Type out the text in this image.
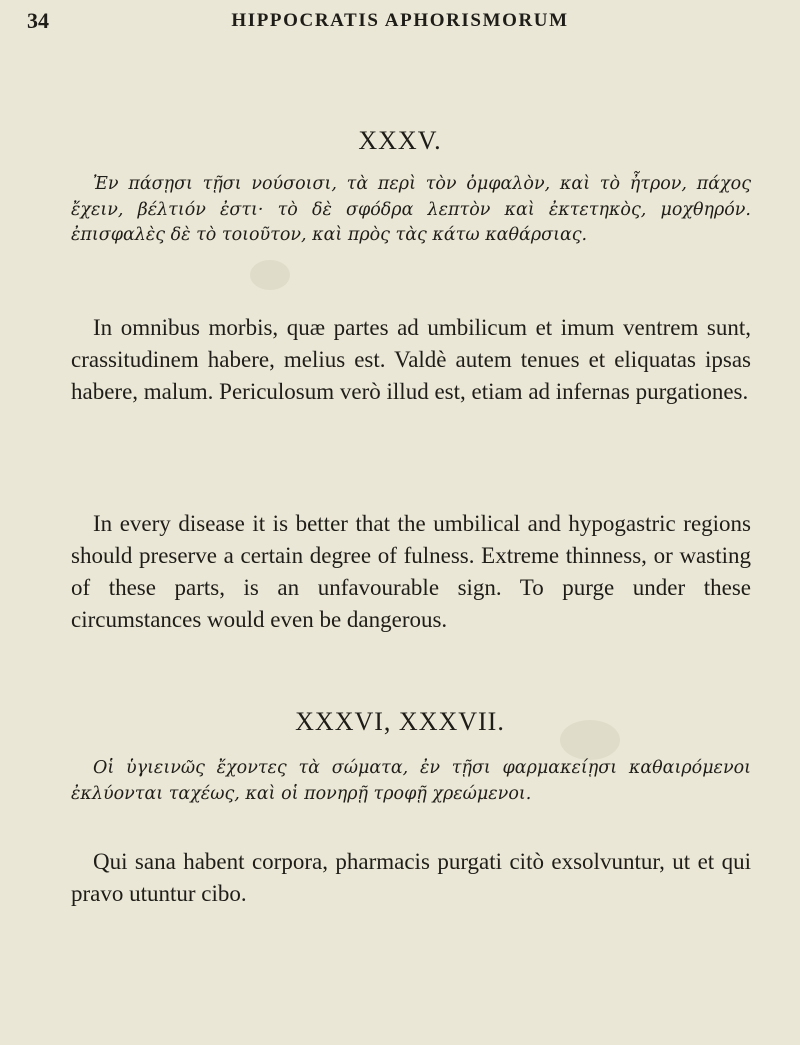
34	HIPPOCRATIS APHORISMORUM
XXXV.
Ἐν πάσῃσι τῇσι νούσοισι, τὰ περὶ τὸν ὀμφαλὸν, καὶ τὸ ἦτρον, πάχος ἔχειν, βέλτιόν ἐστι· τὸ δὲ σφόδρα λεπτὸν καὶ ἐκτετηκὸς, μοχθηρόν. ἐπισφαλὲς δὲ τὸ τοιοῦτον, καὶ πρὸς τὰς κάτω καθάρσιας.
In omnibus morbis, quæ partes ad umbilicum et imum ventrem sunt, crassitudinem habere, melius est. Valdè autem tenues et eliquatas ipsas habere, malum. Periculosum verò illud est, etiam ad infernas purgationes.
In every disease it is better that the umbilical and hypogastric regions should preserve a certain degree of fulness. Extreme thinness, or wasting of these parts, is an unfavourable sign. To purge under these circumstances would even be dangerous.
XXXVI, XXXVII.
Οἱ ὑγιεινῶς ἔχοντες τὰ σώματα, ἐν τῇσι φαρμακείῃσι καθαιρόμενοι ἐκλύονται ταχέως, καὶ οἱ πονηρῇ τροφῇ χρεώμενοι.
Qui sana habent corpora, pharmacis purgati citò exsolvuntur, ut et qui pravo utuntur cibo.
